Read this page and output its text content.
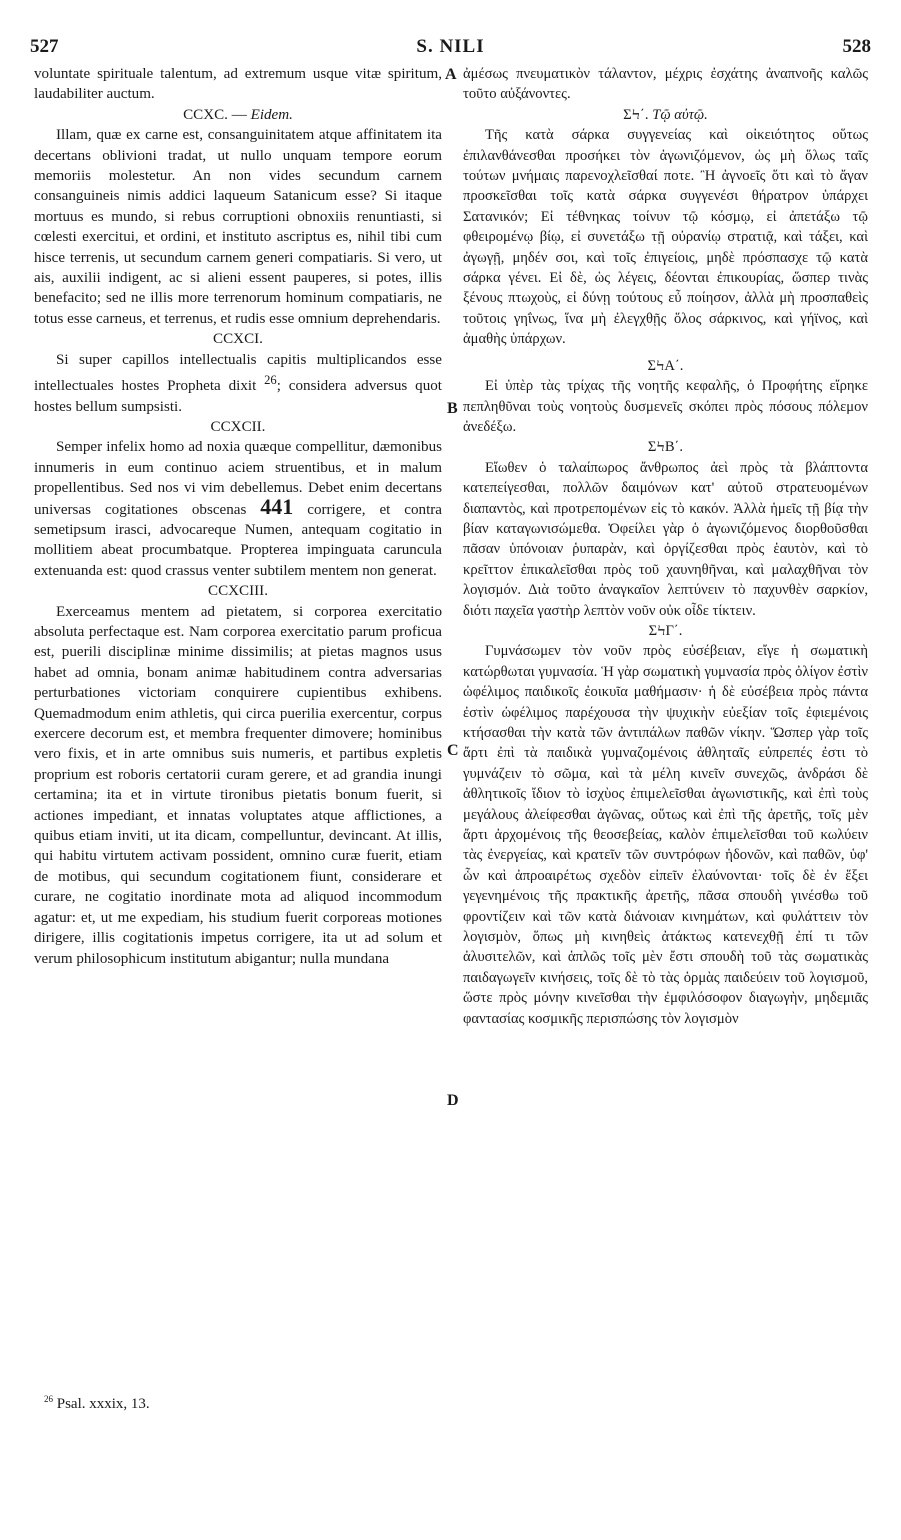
527	S. NILI	528

voluntate spirituale talentum, ad extremum usque vitæ spiritum, laudabiliter auctum.

CCXC. — Eidem.

Illam, quæ ex carne est, consanguinitatem atque affinitatem ita decertans oblivioni tradat, ut nullo unquam tempore eorum memoriis molestetur. An non vides secundum carnem consanguineis nimis addici laqueum Satanicum esse? Si itaque mortuus es mundo, si rebus corruptioni obnoxiis renuntiasti, si cœlesti exercitui, et ordini, et instituto ascriptus es, nihil tibi cum hisce terrenis, ut secundum carnem generi compatiaris. Si vero, ut ais, auxilii indigent, ac si alieni essent pauperes, si potes, illis benefacito; sed ne illis more terrenorum hominum compatiaris, ne totus esse carneus, et terrenus, et rudis esse omnium deprehendaris.

CCXCI.

Si super capillos intellectualis capitis multiplicandos esse intellectuales hostes Propheta dixit $^{26}$; considera adversus quot hostes bellum sumpsisti.

CCXCII.

Semper infelix homo ad noxia quæque compellitur, dæmonibus innumeris in eum continuo aciem struentibus, et in malum propellentibus. Sed nos vi vim debellemus. Debet enim decertans universas cogitationes obscenas 441 corrigere, et contra semetipsum irasci, advocareque Numen, antequam cogitatio in mollitiem abeat procumbatque. Propterea impinguata caruncula extenuanda est: quod crassus venter subtilem mentem non generat.

CCXCIII.

Exerceamus mentem ad pietatem, si corporea exercitatio absoluta perfectaque est. Nam corporea exercitatio parum proficua est, puerili disciplinæ minime dissimilis; at pietas magnos usus habet ad omnia, bonam animæ habitudinem contra adversarias perturbationes victoriam conquirere cupientibus exhibens. Quemadmodum enim athletis, qui circa puerilia exercentur, corpus exercere decorum est, et membra frequenter dimovere; hominibus vero fixis, et in arte omnibus suis numeris, et partibus expletis proprium est roboris certatorii curam gerere, et ad grandia inungi certamina; ita et in virtute tironibus pietatis bonum fuerit, si actiones impediant, et innatas voluptates atque afflictiones, a quibus etiam inviti, ut ita dicam, compelluntur, devincant. At illis, qui habitu virtutem activam possident, omnino curæ fuerit, etiam de motibus, qui secundum cogitationem fiunt, considerare et curare, ne cogitatio inordinate mota ad aliquod incommodum agatur: et, ut me expediam, his studium fuerit corporeas motiones dirigere, illis cogitationis impetus corrigere, ita ut ad solum et verum philosophicum institutum abigantur; nulla mundana

ἀμέσως πνευματικὸν τάλαντον, μέχρις ἐσχάτης ἀναπνοῆς καλῶς τοῦτο αὐξάνοντες.

ΣϞ΄. Τῷ αὐτῷ.

Τῆς κατὰ σάρκα συγγενείας καὶ οἰκειότητος οὕτως ἐπιλανθάνεσθαι προσήκει τὸν ἀγωνιζόμενον, ὡς μὴ ὅλως ταῖς τούτων μνήμαις παρενοχλεῖσθαί ποτε. Ἢ ἀγνοεῖς ὅτι καὶ τὸ ἄγαν προσκεῖσθαι τοῖς κατὰ σάρκα συγγενέσι θήρατρον ὑπάρχει Σατανικόν; Εἰ τέθνηκας τοίνυν τῷ κόσμῳ, εἰ ἀπετάξω τῷ φθειρομένῳ βίῳ, εἰ συνετάξω τῇ οὐρανίῳ στρατιᾷ, καὶ τάξει, καὶ ἀγωγῇ, μηδέν σοι, καὶ τοῖς ἐπιγείοις, μηδὲ πρόσπασχε τῷ κατὰ σάρκα γένει. Εἰ δὲ, ὡς λέγεις, δέονται ἐπικουρίας, ὥσπερ τινὰς ξένους πτωχοὺς, εἰ δύνῃ τούτους εὖ ποίησον, ἀλλὰ μὴ προσπαθεὶς τοῦτοις γηΐνως, ἵνα μὴ ἐλεγχθῇς ὅλος σάρκινος, καὶ γήϊνος, καὶ ἀμαθὴς ὑπάρχων.

ΣϞΑ΄.

Εἰ ὑπὲρ τὰς τρίχας τῆς νοητῆς κεφαλῆς, ὁ Προφήτης εἴρηκε πεπληθῦναι τοὺς νοητοὺς δυσμενεῖς σκόπει πρὸς πόσους πόλεμον ἀνεδέξω.

ΣϞΒ΄.

Εἴωθεν ὁ ταλαίπωρος ἄνθρωπος ἀεὶ πρὸς τὰ βλάπτοντα κατεπείγεσθαι, πολλῶν δαιμόνων κατ' αὐτοῦ στρατευομένων διαπαντὸς, καὶ προτρεπομένων εἰς τὸ κακόν. Ἀλλὰ ἡμεῖς τῇ βίᾳ τὴν βίαν καταγωνισώμεθα. Ὀφείλει γὰρ ὁ ἀγωνιζόμενος διορθοῦσθαι πᾶσαν ὑπόνοιαν ῥυπαρὰν, καὶ ὀργίζεσθαι πρὸς ἑαυτὸν, καὶ τὸ κρεῖττον ἐπικαλεῖσθαι πρὸς τοῦ χαυνηθῆναι, καὶ μαλαχθῆναι τὸν λογισμόν. Διὰ τοῦτο ἀναγκαῖον λεπτύνειν τὸ παχυνθὲν σαρκίον, διότι παχεῖα γαστὴρ λεπτὸν νοῦν οὐκ οἶδε τίκτειν.

ΣϞΓ΄.

Γυμνάσωμεν τὸν νοῦν πρὸς εὐσέβειαν, εἴγε ἡ σωματικὴ κατώρθωται γυμνασία. Ἡ γὰρ σωματικὴ γυμνασία πρὸς ὀλίγον ἐστὶν ὠφέλιμος παιδικοῖς ἐοικυῖα μαθήμασιν· ἡ δὲ εὐσέβεια πρὸς πάντα ἐστὶν ὠφέλιμος παρέχουσα τὴν ψυχικὴν εὐεξίαν τοῖς ἐφιεμένοις κτήσασθαι τὴν κατὰ τῶν ἀντιπάλων παθῶν νίκην. Ὥσπερ γὰρ τοῖς ἄρτι ἐπὶ τὰ παιδικὰ γυμναζομένοις ἀθληταῖς εὐπρεπές ἐστι τὸ γυμνάζειν τὸ σῶμα, καὶ τὰ μέλη κινεῖν συνεχῶς, ἀνδράσι δὲ ἀθλητικοῖς ἴδιον τὸ ἰσχὺος ἐπιμελεῖσθαι ἀγωνιστικῆς, καὶ ἐπὶ τοὺς μεγάλους ἀλείφεσθαι ἀγῶνας, οὕτως καὶ ἐπὶ τῆς ἀρετῆς, τοῖς μὲν ἄρτι ἀρχομένοις τῆς θεοσεβείας, καλὸν ἐπιμελεῖσθαι τοῦ κωλύειν τὰς ἐνεργείας, καὶ κρατεῖν τῶν συντρόφων ἡδονῶν, καὶ παθῶν, ὑφ' ὧν καὶ ἀπροαιρέτως σχεδὸν εἰπεῖν ἐλαύνονται· τοῖς δὲ ἐν ἕξει γεγενημένοις τῆς πρακτικῆς ἀρετῆς, πᾶσα σπουδὴ γινέσθω τοῦ φροντίζειν καὶ τῶν κατὰ διάνοιαν κινημάτων, καὶ φυλάττειν τὸν λογισμὸν, ὅπως μὴ κινηθεὶς ἀτάκτως κατενεχθῇ ἐπί τι τῶν ἀλυσιτελῶν, καὶ ἁπλῶς τοῖς μὲν ἔστι σπουδὴ τοῦ τὰς σωματικὰς παιδαγωγεῖν κινήσεις, τοῖς δὲ τὸ τὰς ὁρμὰς παιδεύειν τοῦ λογισμοῦ, ὥστε πρὸς μόνην κινεῖσθαι τὴν ἐμφιλόσοφον διαγωγὴν, μηδεμιᾶς φαντασίας κοσμικῆς περισπώσης τὸν λογισμὸν

A
B
C
D
$^{26}$ Psal. xxxix, 13.
